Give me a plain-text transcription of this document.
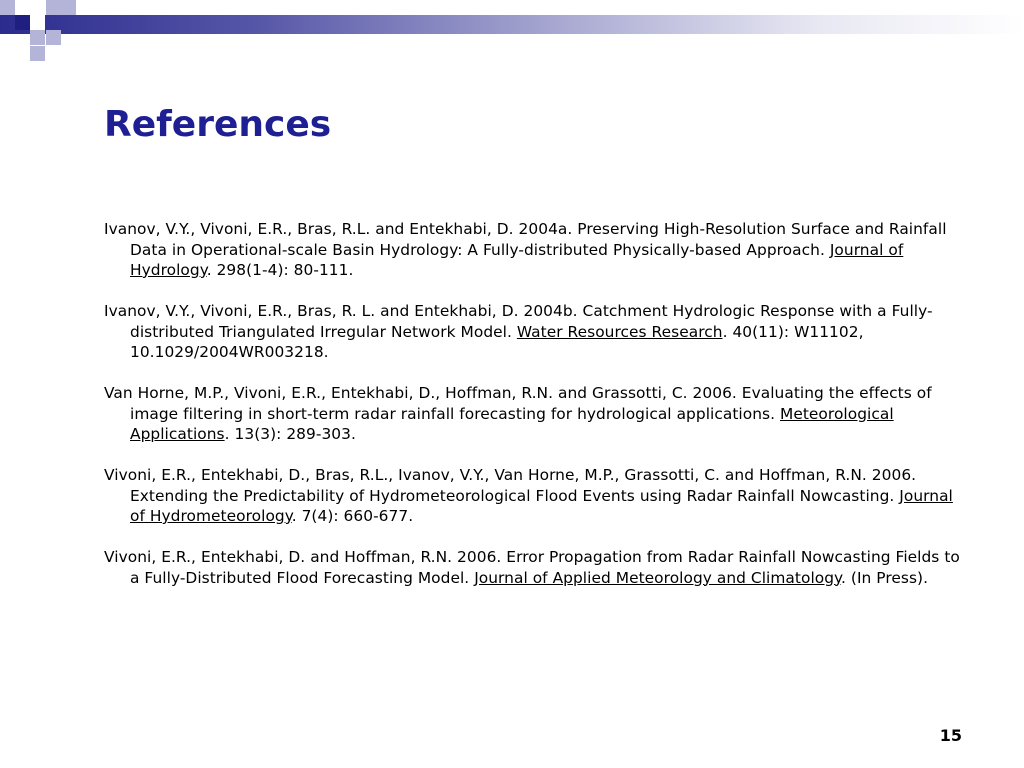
References
Ivanov, V.Y., Vivoni, E.R., Bras, R.L. and Entekhabi, D. 2004a. Preserving High-Resolution Surface and Rainfall Data in Operational-scale Basin Hydrology: A Fully-distributed Physically-based Approach. Journal of Hydrology. 298(1-4): 80-111.
Ivanov, V.Y., Vivoni, E.R., Bras, R. L. and Entekhabi, D. 2004b. Catchment Hydrologic Response with a Fully-distributed Triangulated Irregular Network Model. Water Resources Research. 40(11): W11102, 10.1029/2004WR003218.
Van Horne, M.P., Vivoni, E.R., Entekhabi, D., Hoffman, R.N. and Grassotti, C. 2006. Evaluating the effects of image filtering in short-term radar rainfall forecasting for hydrological applications. Meteorological Applications. 13(3): 289-303.
Vivoni, E.R., Entekhabi, D., Bras, R.L., Ivanov, V.Y., Van Horne, M.P., Grassotti, C. and Hoffman, R.N. 2006. Extending the Predictability of Hydrometeorological Flood Events using Radar Rainfall Nowcasting. Journal of Hydrometeorology. 7(4): 660-677.
Vivoni, E.R., Entekhabi, D. and Hoffman, R.N. 2006. Error Propagation from Radar Rainfall Nowcasting Fields to a Fully-Distributed Flood Forecasting Model. Journal of Applied Meteorology and Climatology. (In Press).
15
